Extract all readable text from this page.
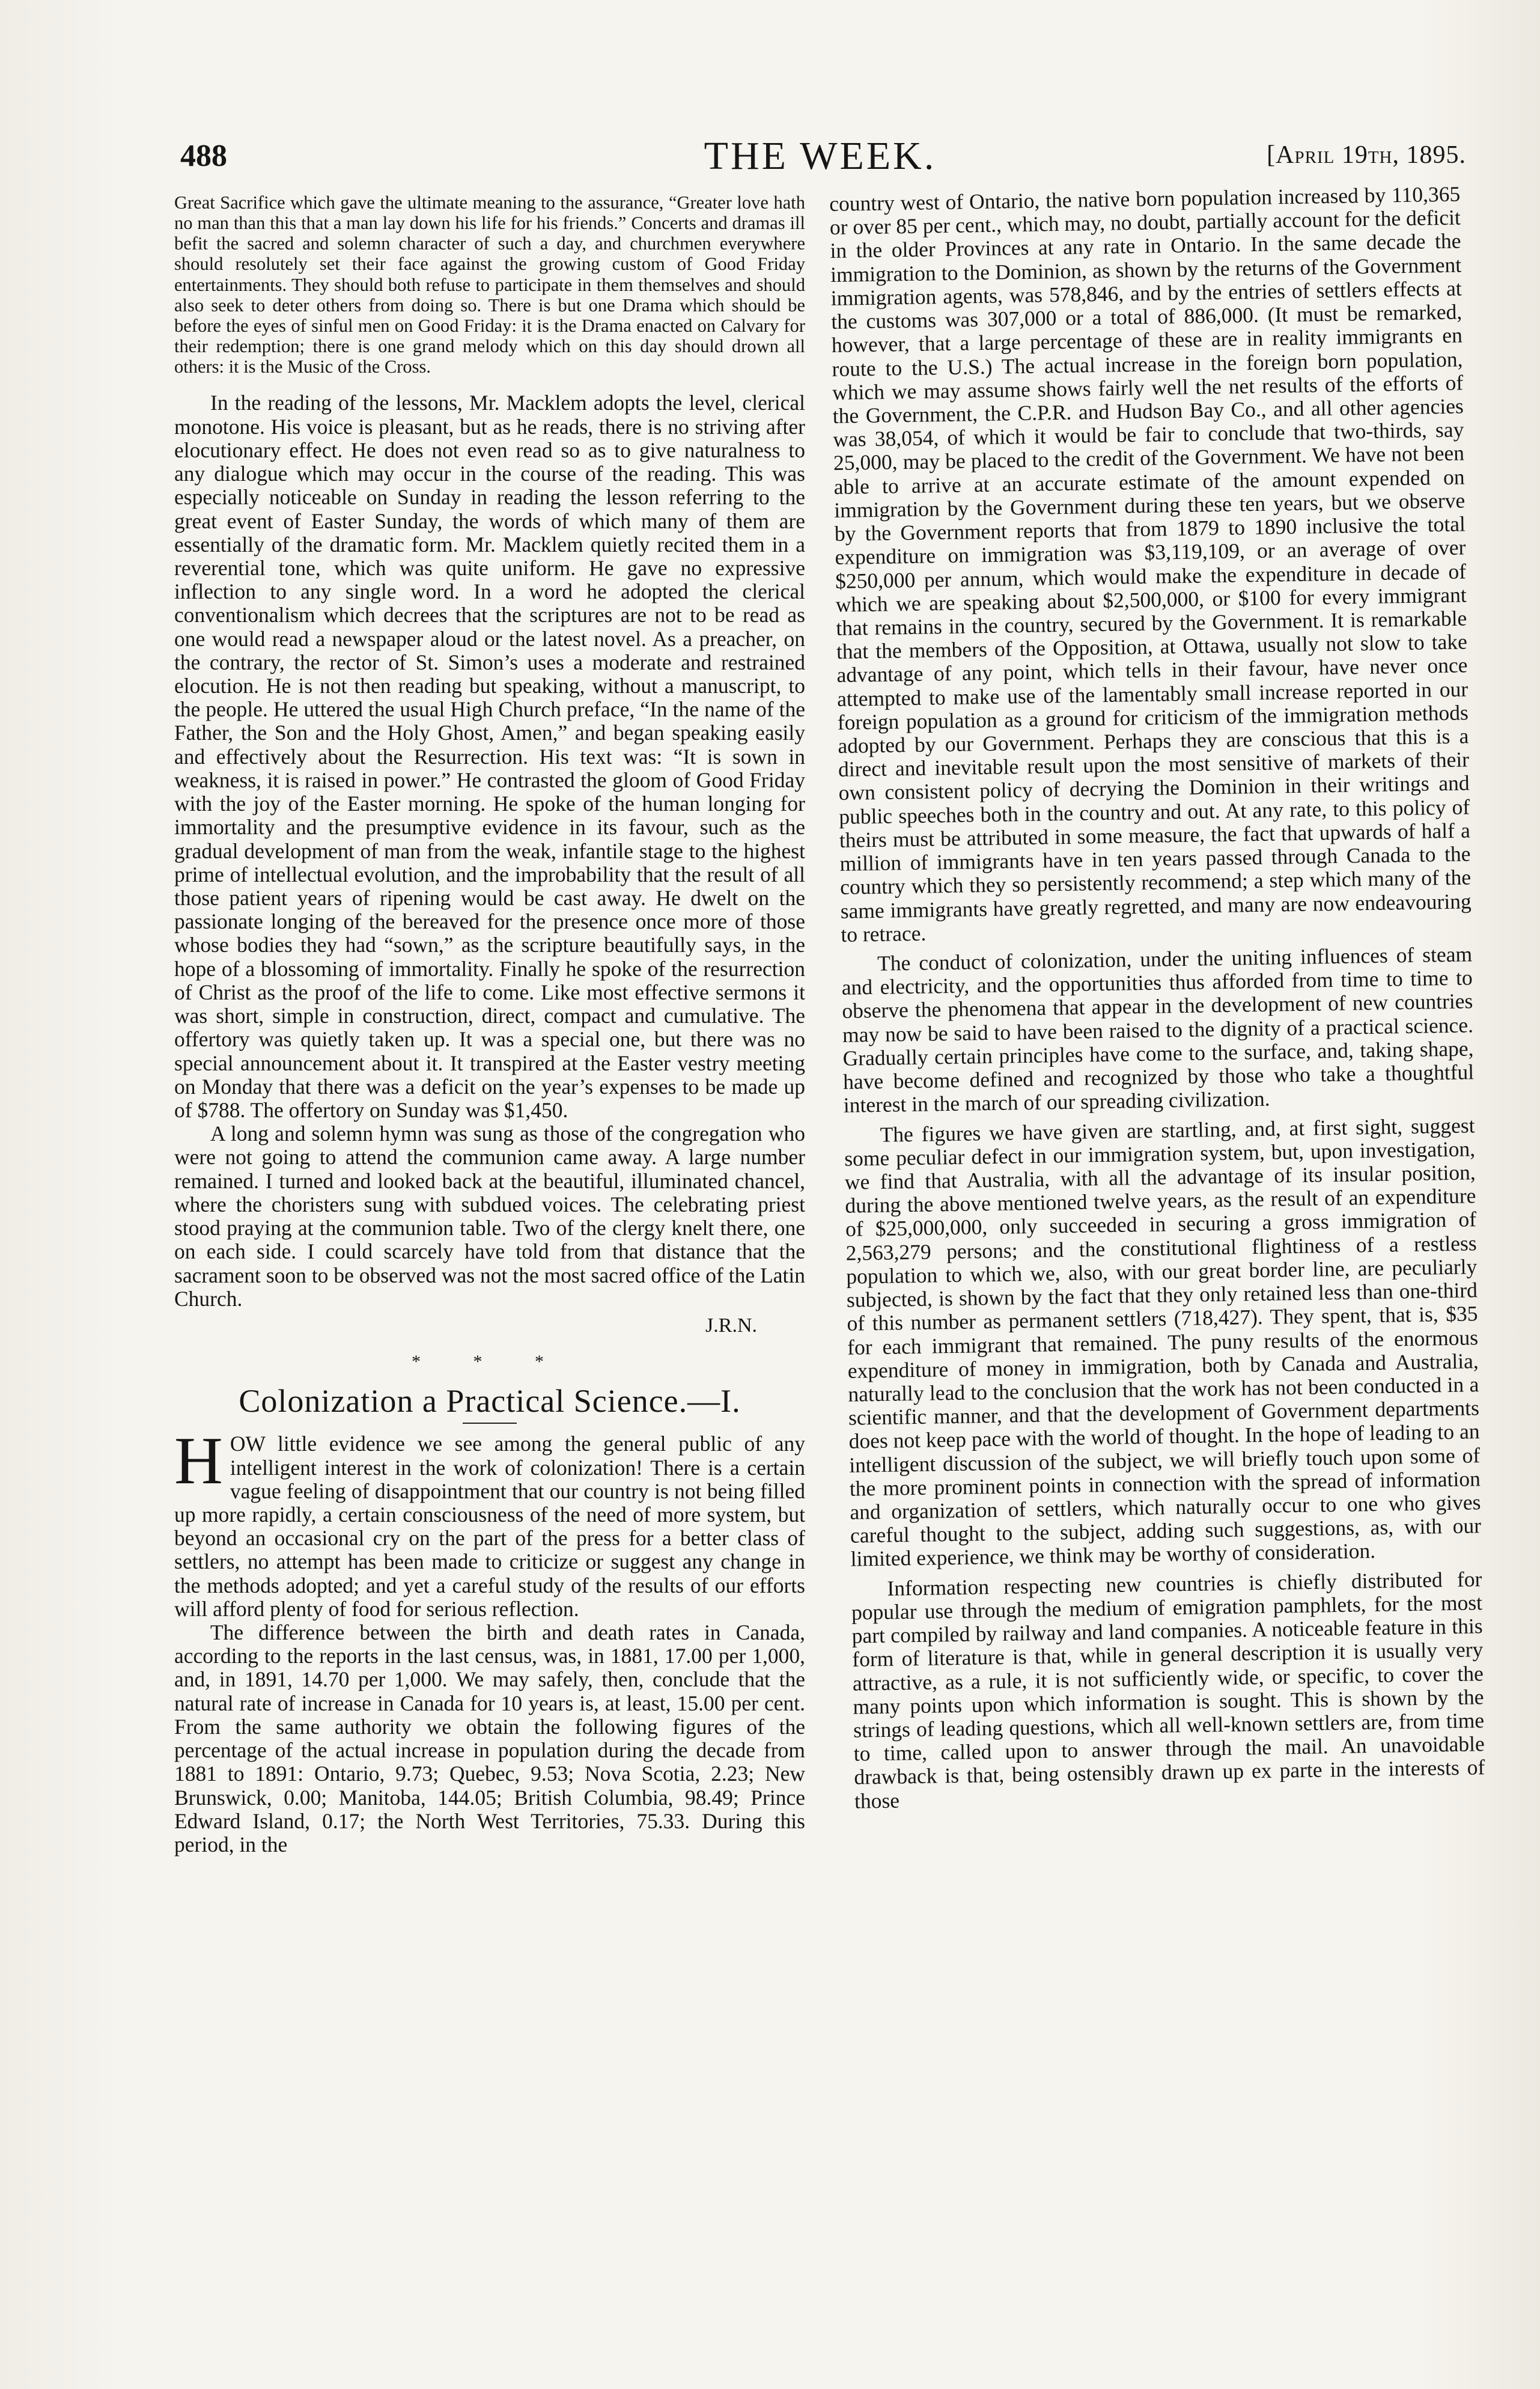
488	THE WEEK.	[April 19th, 1895.

Great Sacrifice which gave the ultimate meaning to the assurance, “Greater love hath no man than this that a man lay down his life for his friends.” Concerts and dramas ill befit the sacred and solemn character of such a day, and churchmen everywhere should resolutely set their face against the growing custom of Good Friday entertainments. They should both refuse to participate in them themselves and should also seek to deter others from doing so. There is but one Drama which should be before the eyes of sinful men on Good Friday: it is the Drama enacted on Calvary for their redemption; there is one grand melody which on this day should drown all others: it is the Music of the Cross.

In the reading of the lessons, Mr. Macklem adopts the level, clerical monotone. His voice is pleasant, but as he reads, there is no striving after elocutionary effect. He does not even read so as to give naturalness to any dialogue which may occur in the course of the reading. This was especially noticeable on Sunday in reading the lesson referring to the great event of Easter Sunday, the words of which many of them are essentially of the dramatic form. Mr. Macklem quietly recited them in a reverential tone, which was quite uniform. He gave no expressive inflection to any single word. In a word he adopted the clerical conventionalism which decrees that the scriptures are not to be read as one would read a newspaper aloud or the latest novel. As a preacher, on the contrary, the rector of St. Simon’s uses a moderate and restrained elocution. He is not then reading but speaking, without a manuscript, to the people. He uttered the usual High Church preface, “In the name of the Father, the Son and the Holy Ghost, Amen,” and began speaking easily and effectively about the Resurrection. His text was: “It is sown in weakness, it is raised in power.” He contrasted the gloom of Good Friday with the joy of the Easter morning. He spoke of the human longing for immortality and the presumptive evidence in its favour, such as the gradual development of man from the weak, infantile stage to the highest prime of intellectual evolution, and the improbability that the result of all those patient years of ripening would be cast away. He dwelt on the passionate longing of the bereaved for the presence once more of those whose bodies they had “sown,” as the scripture beautifully says, in the hope of a blossoming of immortality. Finally he spoke of the resurrection of Christ as the proof of the life to come. Like most effective sermons it was short, simple in construction, direct, compact and cumulative. The offertory was quietly taken up. It was a special one, but there was no special announcement about it. It transpired at the Easter vestry meeting on Monday that there was a deficit on the year’s expenses to be made up of $788. The offertory on Sunday was $1,450.

A long and solemn hymn was sung as those of the congregation who were not going to attend the communion came away. A large number remained. I turned and looked back at the beautiful, illuminated chancel, where the choristers sung with subdued voices. The celebrating priest stood praying at the communion table. Two of the clergy knelt there, one on each side. I could scarcely have told from that distance that the sacrament soon to be observed was not the most sacred office of the Latin Church.

J.R.N.
* * *
Colonization a Practical Science.—I.

HOW little evidence we see among the general public of any intelligent interest in the work of colonization! There is a certain vague feeling of disappointment that our country is not being filled up more rapidly, a certain consciousness of the need of more system, but beyond an occasional cry on the part of the press for a better class of settlers, no attempt has been made to criticize or suggest any change in the methods adopted; and yet a careful study of the results of our efforts will afford plenty of food for serious reflection.

The difference between the birth and death rates in Canada, according to the reports in the last census, was, in 1881, 17.00 per 1,000, and, in 1891, 14.70 per 1,000. We may safely, then, conclude that the natural rate of increase in Canada for 10 years is, at least, 15.00 per cent. From the same authority we obtain the following figures of the percentage of the actual increase in population during the decade from 1881 to 1891: Ontario, 9.73; Quebec, 9.53; Nova Scotia, 2.23; New Brunswick, 0.00; Manitoba, 144.05; British Columbia, 98.49; Prince Edward Island, 0.17; the North West Territories, 75.33. During this period, in the

country west of Ontario, the native born population increased by 110,365 or over 85 per cent., which may, no doubt, partially account for the deficit in the older Provinces at any rate in Ontario. In the same decade the immigration to the Dominion, as shown by the returns of the Government immigration agents, was 578,846, and by the entries of settlers effects at the customs was 307,000 or a total of 886,000. (It must be remarked, however, that a large percentage of these are in reality immigrants en route to the U.S.) The actual increase in the foreign born population, which we may assume shows fairly well the net results of the efforts of the Government, the C.P.R. and Hudson Bay Co., and all other agencies was 38,054, of which it would be fair to conclude that two-thirds, say 25,000, may be placed to the credit of the Government. We have not been able to arrive at an accurate estimate of the amount expended on immigration by the Government during these ten years, but we observe by the Government reports that from 1879 to 1890 inclusive the total expenditure on immigration was $3,119,109, or an average of over $250,000 per annum, which would make the expenditure in decade of which we are speaking about $2,500,000, or $100 for every immigrant that remains in the country, secured by the Government. It is remarkable that the members of the Opposition, at Ottawa, usually not slow to take advantage of any point, which tells in their favour, have never once attempted to make use of the lamentably small increase reported in our foreign population as a ground for criticism of the immigration methods adopted by our Government. Perhaps they are conscious that this is a direct and inevitable result upon the most sensitive of markets of their own consistent policy of decrying the Dominion in their writings and public speeches both in the country and out. At any rate, to this policy of theirs must be attributed in some measure, the fact that upwards of half a million of immigrants have in ten years passed through Canada to the country which they so persistently recommend; a step which many of the same immigrants have greatly regretted, and many are now endeavouring to retrace.

The conduct of colonization, under the uniting influences of steam and electricity, and the opportunities thus afforded from time to time to observe the phenomena that appear in the development of new countries may now be said to have been raised to the dignity of a practical science. Gradually certain principles have come to the surface, and, taking shape, have become defined and recognized by those who take a thoughtful interest in the march of our spreading civilization.

The figures we have given are startling, and, at first sight, suggest some peculiar defect in our immigration system, but, upon investigation, we find that Australia, with all the advantage of its insular position, during the above mentioned twelve years, as the result of an expenditure of $25,000,000, only succeeded in securing a gross immigration of 2,563,279 persons; and the constitutional flightiness of a restless population to which we, also, with our great border line, are peculiarly subjected, is shown by the fact that they only retained less than one-third of this number as permanent settlers (718,427). They spent, that is, $35 for each immigrant that remained. The puny results of the enormous expenditure of money in immigration, both by Canada and Australia, naturally lead to the conclusion that the work has not been conducted in a scientific manner, and that the development of Government departments does not keep pace with the world of thought. In the hope of leading to an intelligent discussion of the subject, we will briefly touch upon some of the more prominent points in connection with the spread of information and organization of settlers, which naturally occur to one who gives careful thought to the subject, adding such suggestions, as, with our limited experience, we think may be worthy of consideration.

Information respecting new countries is chiefly distributed for popular use through the medium of emigration pamphlets, for the most part compiled by railway and land companies. A noticeable feature in this form of literature is that, while in general description it is usually very attractive, as a rule, it is not sufficiently wide, or specific, to cover the many points upon which information is sought. This is shown by the strings of leading questions, which all well-known settlers are, from time to time, called upon to answer through the mail. An unavoidable drawback is that, being ostensibly drawn up ex parte in the interests of those
